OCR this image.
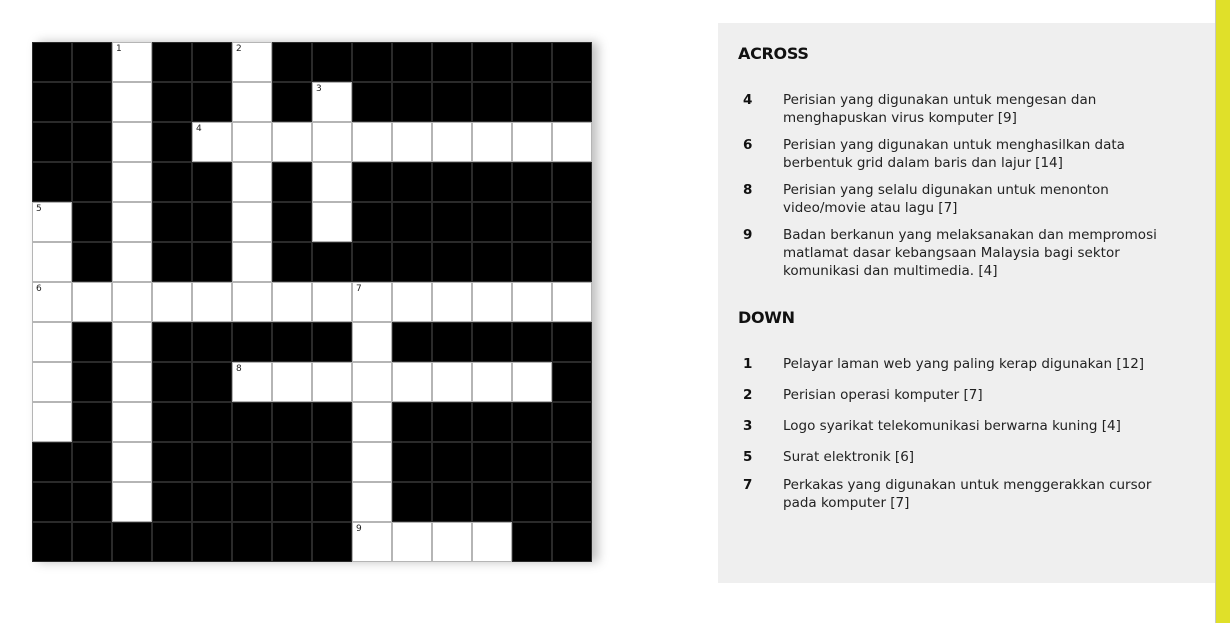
1	2
3
4
5
6	7
8
9
ACROSS
4 Perisian yang digunakan untuk mengesan dan menghapuskan virus komputer [9]
6 Perisian yang digunakan untuk menghasilkan data berbentuk grid dalam baris dan lajur [14]
8 Perisian yang selalu digunakan untuk menonton video/movie atau lagu [7]
9 Badan berkanun yang melaksanakan dan mempromosi matlamat dasar kebangsaan Malaysia bagi sektor komunikasi dan multimedia. [4]
DOWN
1 Pelayar laman web yang paling kerap digunakan [12]
2 Perisian operasi komputer [7]
3 Logo syarikat telekomunikasi berwarna kuning [4]
5 Surat elektronik [6]
7 Perkakas yang digunakan untuk menggerakkan cursor pada komputer [7]
